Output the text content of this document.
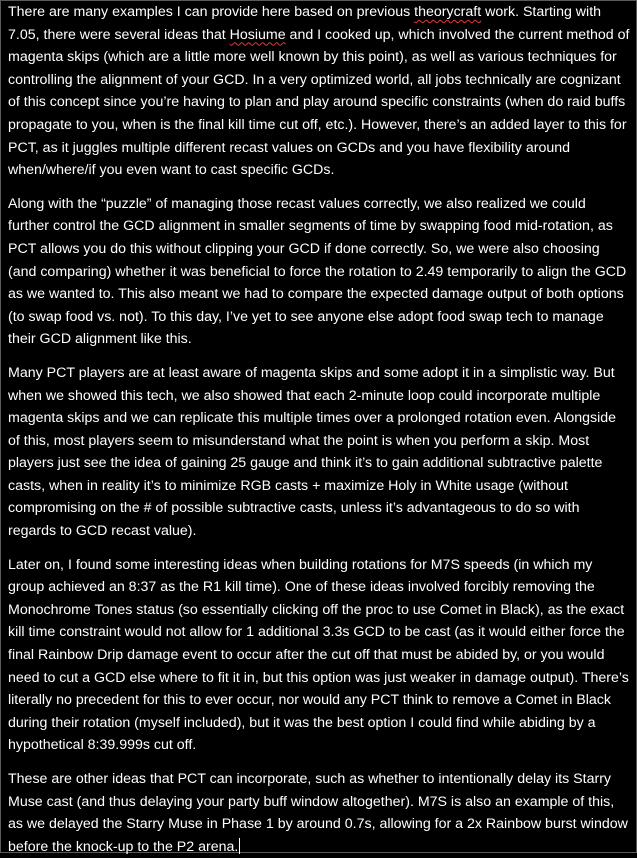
There are many examples I can provide here based on previous theorycraft work. Starting with 7.05, there were several ideas that Hosiume and I cooked up, which involved the current method of magenta skips (which are a little more well known by this point), as well as various techniques for controlling the alignment of your GCD. In a very optimized world, all jobs technically are cognizant of this concept since you’re having to plan and play around specific constraints (when do raid buffs propagate to you, when is the final kill time cut off, etc.). However, there’s an added layer to this for PCT, as it juggles multiple different recast values on GCDs and you have flexibility around when/where/if you even want to cast specific GCDs.

Along with the “puzzle” of managing those recast values correctly, we also realized we could further control the GCD alignment in smaller segments of time by swapping food mid-rotation, as PCT allows you do this without clipping your GCD if done correctly. So, we were also choosing (and comparing) whether it was beneficial to force the rotation to 2.49 temporarily to align the GCD as we wanted to. This also meant we had to compare the expected damage output of both options (to swap food vs. not). To this day, I’ve yet to see anyone else adopt food swap tech to manage their GCD alignment like this.

Many PCT players are at least aware of magenta skips and some adopt it in a simplistic way. But when we showed this tech, we also showed that each 2-minute loop could incorporate multiple magenta skips and we can replicate this multiple times over a prolonged rotation even. Alongside of this, most players seem to misunderstand what the point is when you perform a skip. Most players just see the idea of gaining 25 gauge and think it’s to gain additional subtractive palette casts, when in reality it’s to minimize RGB casts + maximize Holy in White usage (without compromising on the # of possible subtractive casts, unless it’s advantageous to do so with regards to GCD recast value).

Later on, I found some interesting ideas when building rotations for M7S speeds (in which my group achieved an 8:37 as the R1 kill time). One of these ideas involved forcibly removing the Monochrome Tones status (so essentially clicking off the proc to use Comet in Black), as the exact kill time constraint would not allow for 1 additional 3.3s GCD to be cast (as it would either force the final Rainbow Drip damage event to occur after the cut off that must be abided by, or you would need to cut a GCD else where to fit it in, but this option was just weaker in damage output). There’s literally no precedent for this to ever occur, nor would any PCT think to remove a Comet in Black during their rotation (myself included), but it was the best option I could find while abiding by a hypothetical 8:39.999s cut off.

These are other ideas that PCT can incorporate, such as whether to intentionally delay its Starry Muse cast (and thus delaying your party buff window altogether). M7S is also an example of this, as we delayed the Starry Muse in Phase 1 by around 0.7s, allowing for a 2x Rainbow burst window before the knock-up to the P2 arena.
